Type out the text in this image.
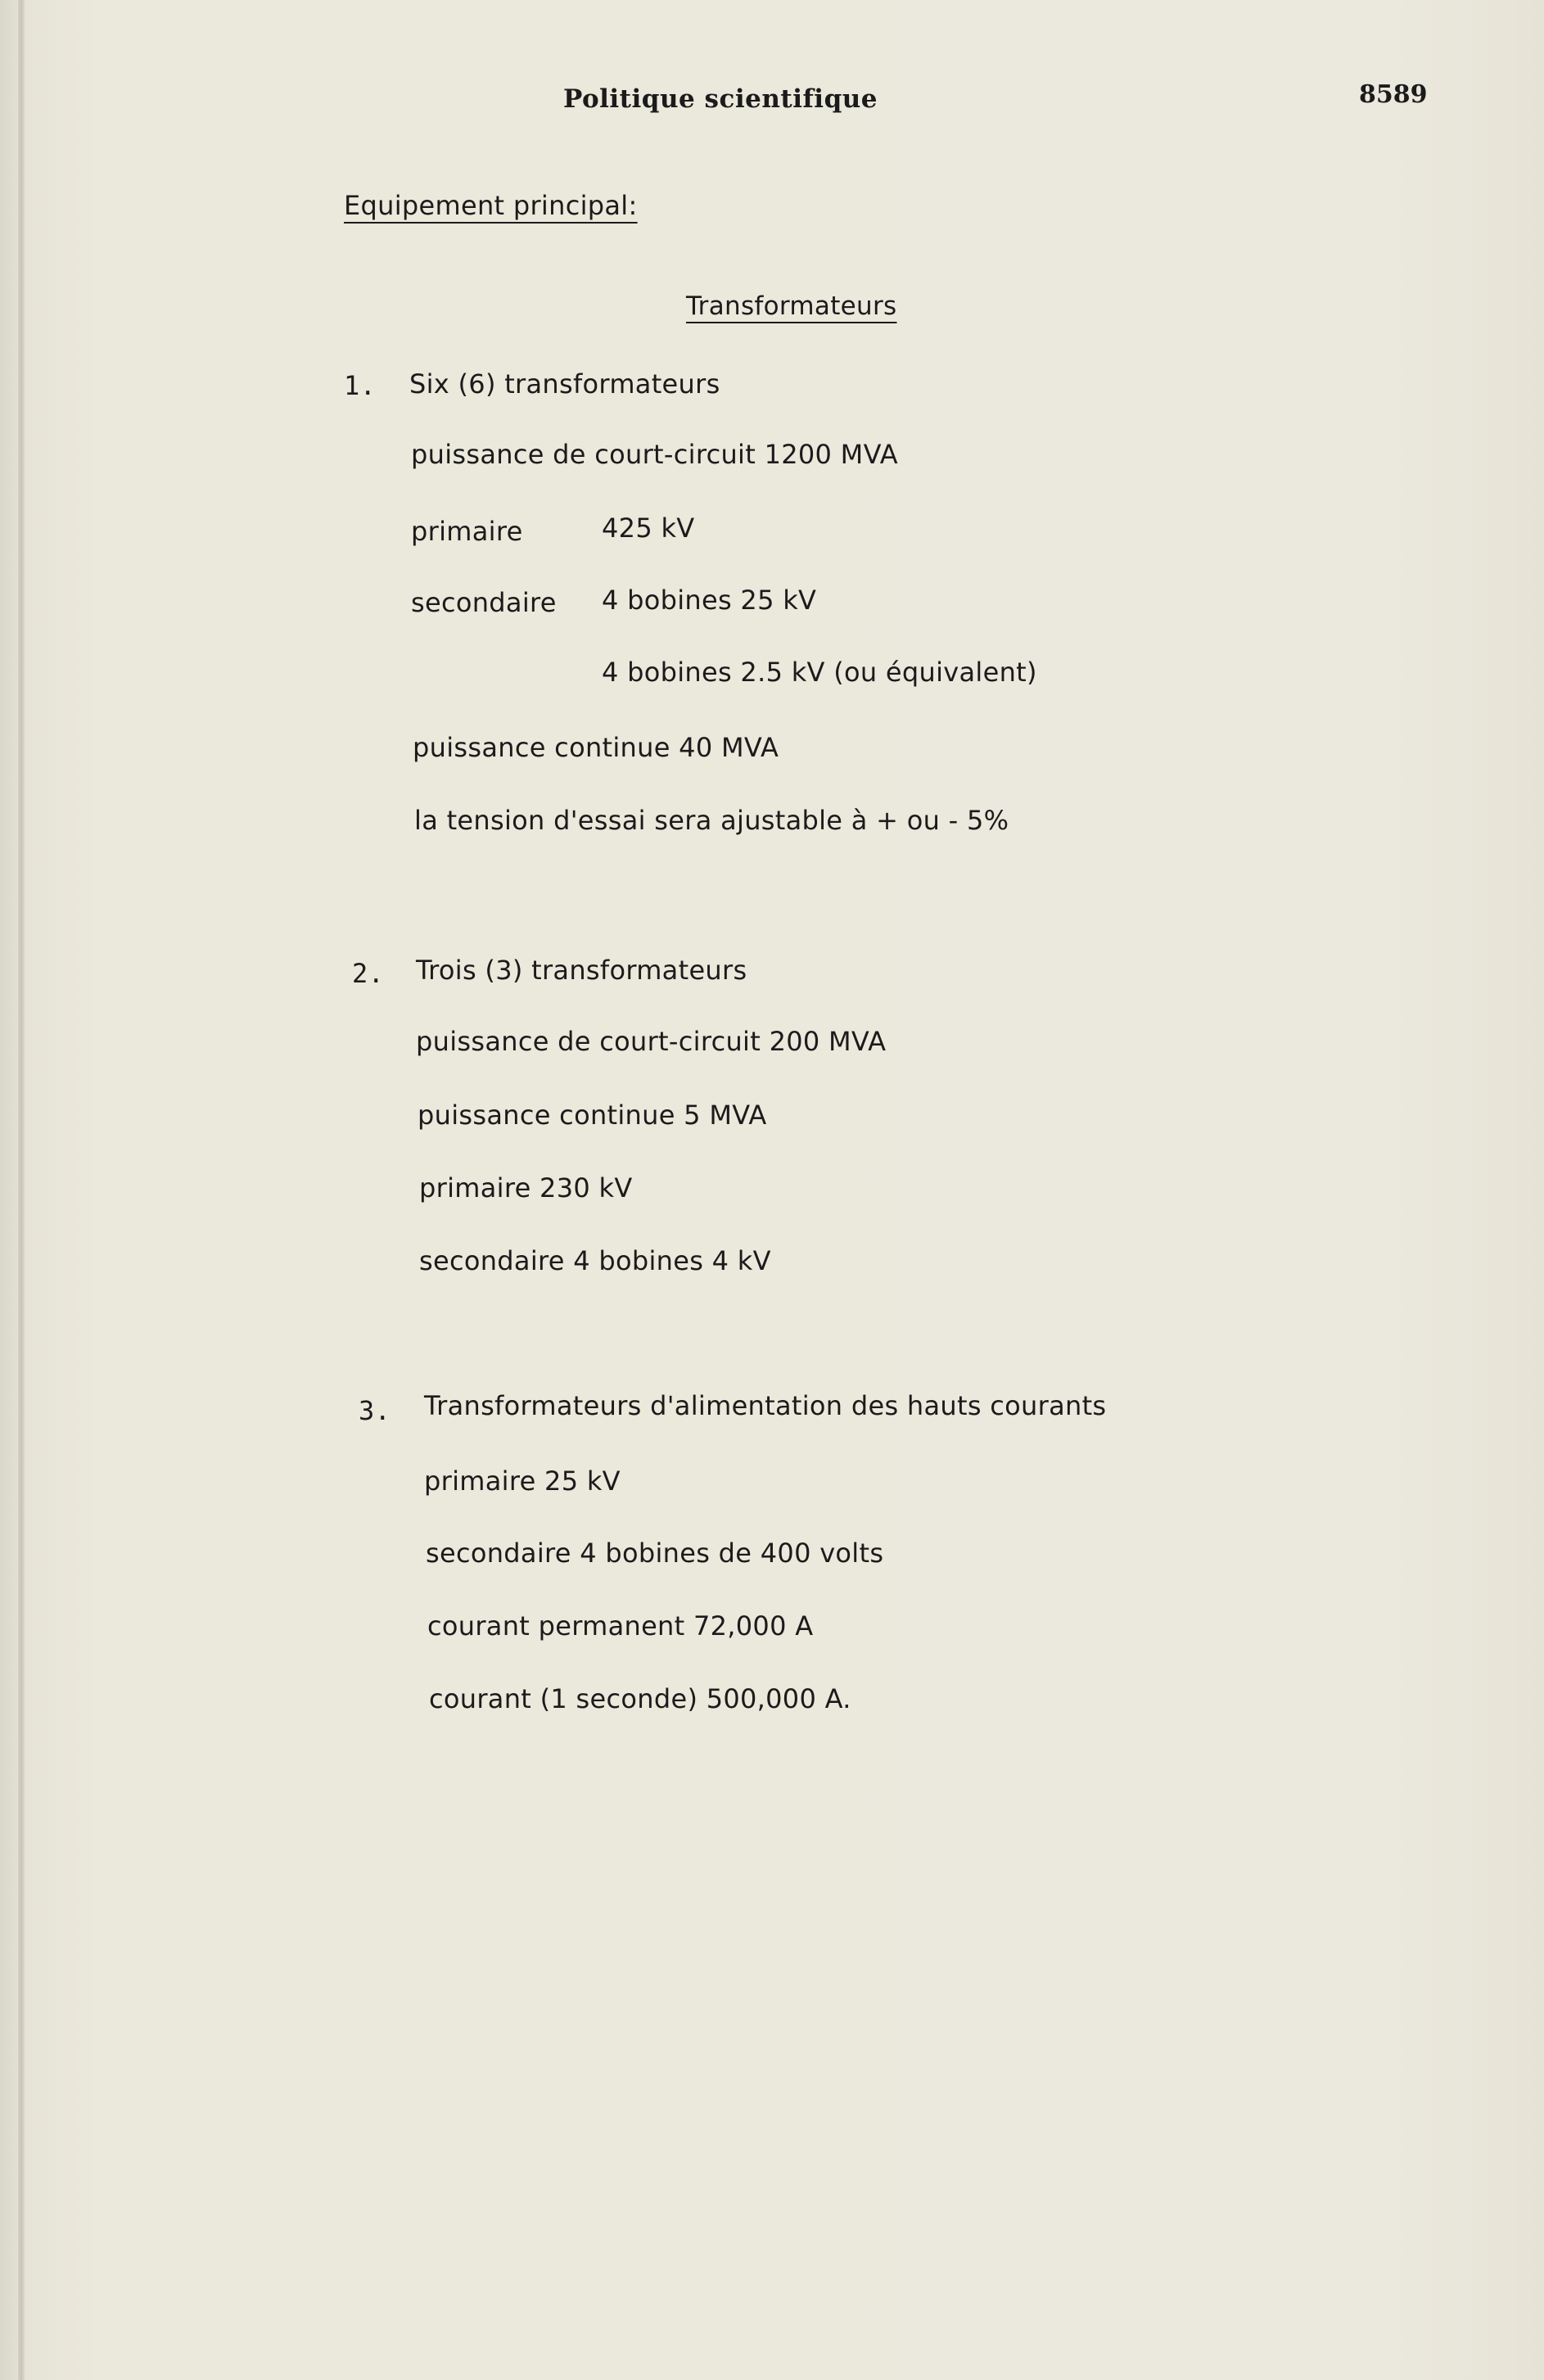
Politique scientifique	8589
Equipement principal:
Transformateurs
1. Six (6) transformateurs
puissance de court-circuit 1200 MVA
primaire	425 kV
secondaire 4 bobines 25 kV
4 bobines 2.5 kV (ou équivalent)
puissance continue 40 MVA
la tension d'essai sera ajustable à + ou - 5%
2. Trois (3) transformateurs
puissance de court-circuit 200 MVA
puissance continue 5 MVA
primaire 230 kV
secondaire 4 bobines 4 kV
3. Transformateurs d'alimentation des hauts courants
primaire 25 kV
secondaire 4 bobines de 400 volts
courant permanent 72,000 A
courant (1 seconde) 500,000 A.
